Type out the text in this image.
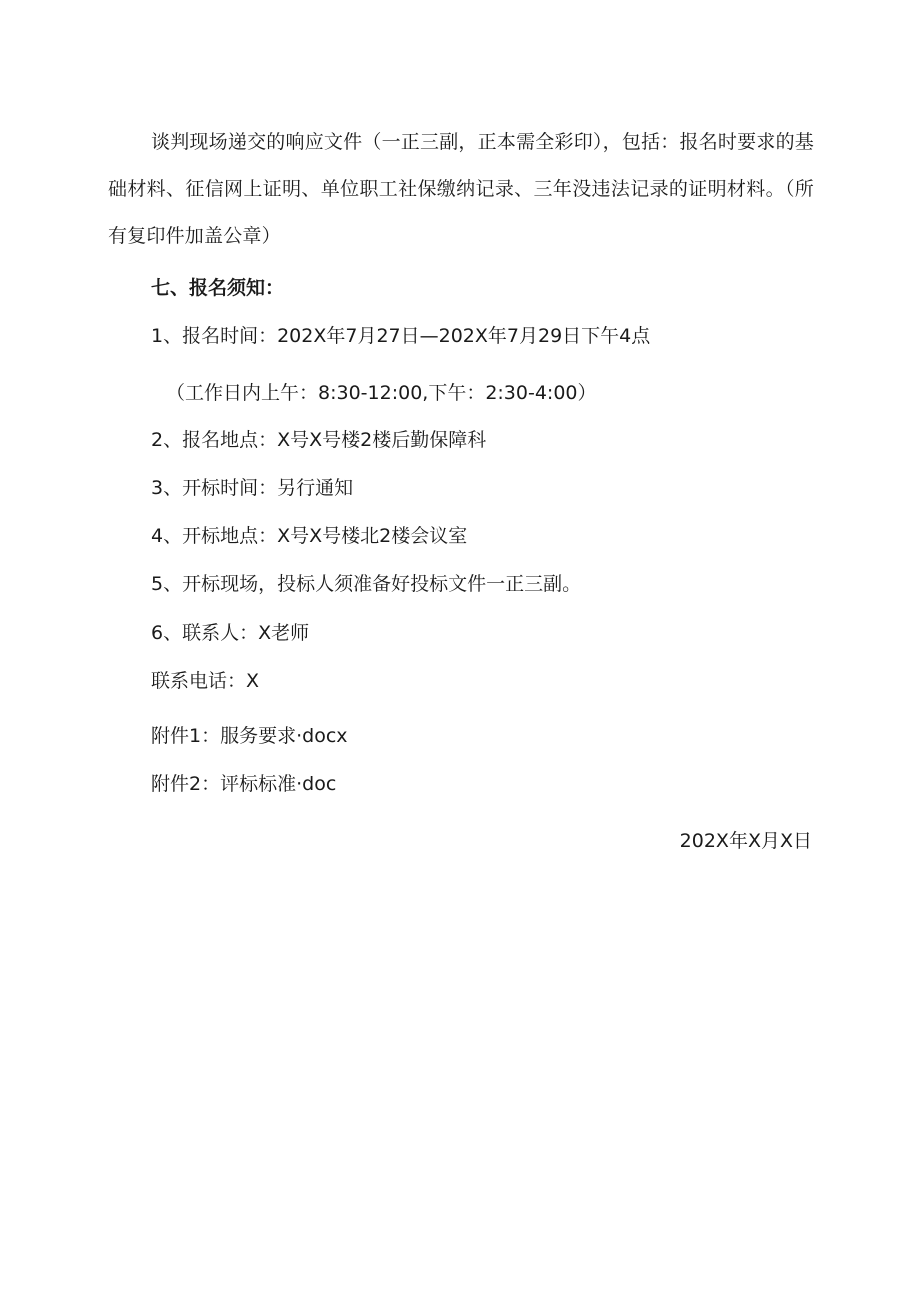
谈判现场递交的响应文件（一正三副，正本需全彩印），包括：报名时要求的基础材料、征信网上证明、单位职工社保缴纳记录、三年没违法记录的证明材料。（所有复印件加盖公章）

七、报名须知：

1、报名时间：202X年7月27日—202X年7月29日下午4点

（工作日内上午：8:30-12:00,下午：2:30-4:00）

2、报名地点：X号X号楼2楼后勤保障科

3、开标时间：另行通知

4、开标地点：X号X号楼北2楼会议室

5、开标现场，投标人须准备好投标文件一正三副。

6、联系人：X老师

联系电话：X

附件1：服务要求·docx

附件2：评标标准·doc

202X年X月X日
